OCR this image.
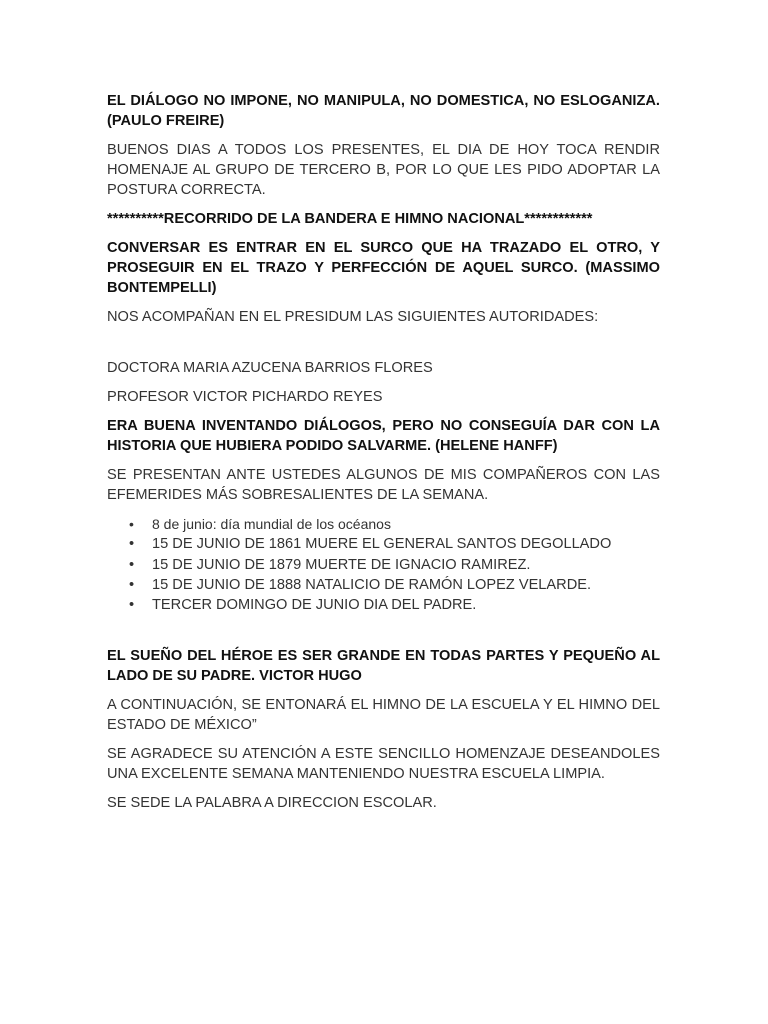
EL DIÁLOGO NO IMPONE, NO MANIPULA, NO DOMESTICA, NO ESLOGANIZA. (PAULO FREIRE)

BUENOS DIAS A TODOS LOS PRESENTES, EL DIA DE HOY TOCA RENDIR HOMENAJE AL GRUPO DE TERCERO B, POR LO QUE LES PIDO ADOPTAR LA POSTURA CORRECTA.

**********RECORRIDO DE LA BANDERA E HIMNO NACIONAL************

CONVERSAR ES ENTRAR EN EL SURCO QUE HA TRAZADO EL OTRO, Y PROSEGUIR EN EL TRAZO Y PERFECCIÓN DE AQUEL SURCO. (MASSIMO BONTEMPELLI)

NOS ACOMPAÑAN EN EL PRESIDUM LAS SIGUIENTES AUTORIDADES:

DOCTORA MARIA AZUCENA BARRIOS FLORES

PROFESOR VICTOR PICHARDO REYES

ERA BUENA INVENTANDO DIÁLOGOS, PERO NO CONSEGUÍA DAR CON LA HISTORIA QUE HUBIERA PODIDO SALVARME. (HELENE HANFF)

SE PRESENTAN ANTE USTEDES ALGUNOS DE MIS COMPAÑEROS CON LAS EFEMERIDES MÁS SOBRESALIENTES DE LA SEMANA.

• 8 de junio: día mundial de los océanos
• 15 DE JUNIO DE 1861 MUERE EL GENERAL SANTOS DEGOLLADO
• 15 DE JUNIO DE 1879 MUERTE DE IGNACIO RAMIREZ.
• 15 DE JUNIO DE 1888 NATALICIO DE RAMÓN LOPEZ VELARDE.
• TERCER DOMINGO DE JUNIO DIA DEL PADRE.

EL SUEÑO DEL HÉROE ES SER GRANDE EN TODAS PARTES Y PEQUEÑO AL LADO DE SU PADRE. VICTOR HUGO

A CONTINUACIÓN, SE ENTONARÁ EL HIMNO DE LA ESCUELA Y EL HIMNO DEL ESTADO DE MÉXICO”

SE AGRADECE SU ATENCIÓN A ESTE SENCILLO HOMENZAJE DESEANDOLES UNA EXCELENTE SEMANA MANTENIENDO NUESTRA ESCUELA LIMPIA.

SE SEDE LA PALABRA A DIRECCION ESCOLAR.
